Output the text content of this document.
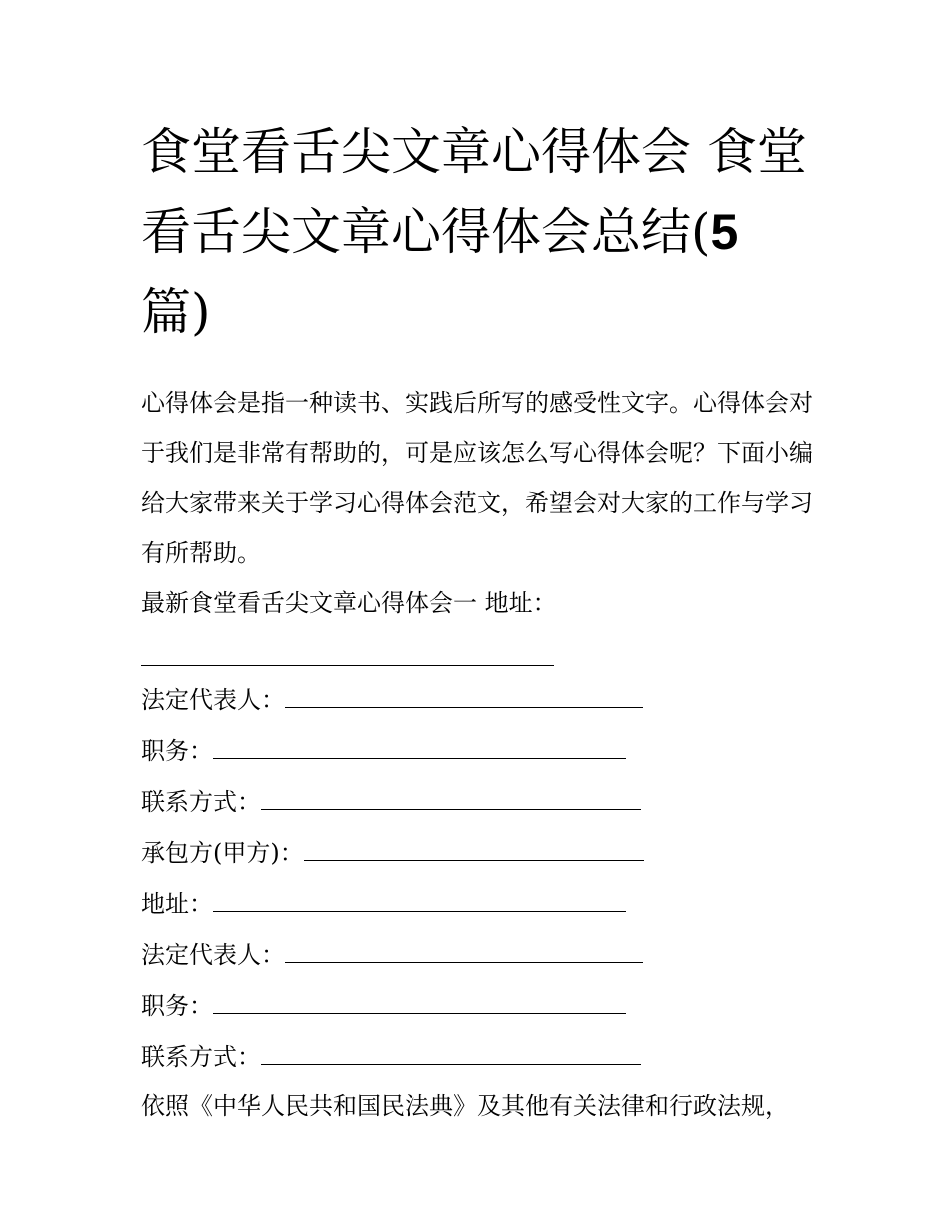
食堂看舌尖文章心得体会 食堂看舌尖文章心得体会总结(5
篇)

心得体会是指一种读书、实践后所写的感受性文字。心得体会对于我们是非常有帮助的，可是应该怎么写心得体会呢？下面小编给大家带来关于学习心得体会范文，希望会对大家的工作与学习有所帮助。

最新食堂看舌尖文章心得体会一 地址：
法定代表人：
职务：
联系方式：
承包方(甲方)：
地址：
法定代表人：
职务：
联系方式：
依照《中华人民共和国民法典》及其他有关法律和行政法规，
